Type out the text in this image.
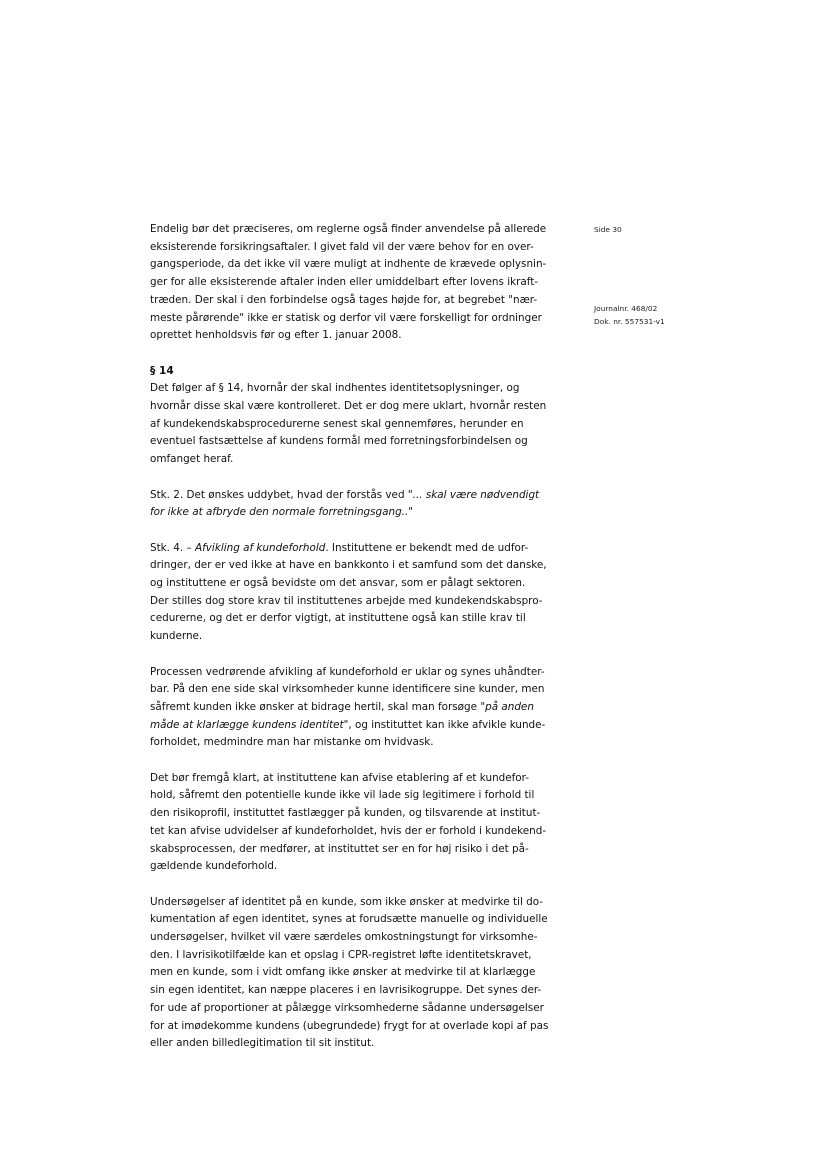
Side 30
Journalnr. 468/02
Dok. nr. 557531-v1

Endelig bør det præciseres, om reglerne også finder anvendelse på allerede
eksisterende forsikringsaftaler. I givet fald vil der være behov for en over-
gangsperiode, da det ikke vil være muligt at indhente de krævede oplysnin-
ger for alle eksisterende aftaler inden eller umiddelbart efter lovens ikraft-
træden. Der skal i den forbindelse også tages højde for, at begrebet "nær-
meste pårørende" ikke er statisk og derfor vil være forskelligt for ordninger
oprettet henholdsvis før og efter 1. januar 2008.

§ 14
Det følger af § 14, hvornår der skal indhentes identitetsoplysninger, og
hvornår disse skal være kontrolleret. Det er dog mere uklart, hvornår resten
af kundekendskabsprocedurerne senest skal gennemføres, herunder en
eventuel fastsættelse af kundens formål med forretningsforbindelsen og
omfanget heraf.

Stk. 2. Det ønskes uddybet, hvad der forstås ved "... skal være nødvendigt
for ikke at afbryde den normale forretningsgang.."

Stk. 4. – Afvikling af kundeforhold. Instituttene er bekendt med de udfor-
dringer, der er ved ikke at have en bankkonto i et samfund som det danske,
og instituttene er også bevidste om det ansvar, som er pålagt sektoren.
Der stilles dog store krav til instituttenes arbejde med kundekendskabspro-
cedurerne, og det er derfor vigtigt, at instituttene også kan stille krav til
kunderne.

Processen vedrørende afvikling af kundeforhold er uklar og synes uhåndter-
bar. På den ene side skal virksomheder kunne identificere sine kunder, men
såfremt kunden ikke ønsker at bidrage hertil, skal man forsøge "på anden
måde at klarlægge kundens identitet", og instituttet kan ikke afvikle kunde-
forholdet, medmindre man har mistanke om hvidvask.

Det bør fremgå klart, at instituttene kan afvise etablering af et kundefor-
hold, såfremt den potentielle kunde ikke vil lade sig legitimere i forhold til
den risikoprofil, instituttet fastlægger på kunden, og tilsvarende at institut-
tet kan afvise udvidelser af kundeforholdet, hvis der er forhold i kundekend-
skabsprocessen, der medfører, at instituttet ser en for høj risiko i det på-
gældende kundeforhold.

Undersøgelser af identitet på en kunde, som ikke ønsker at medvirke til do-
kumentation af egen identitet, synes at forudsætte manuelle og individuelle
undersøgelser, hvilket vil være særdeles omkostningstungt for virksomhe-
den. I lavrisikotilfælde kan et opslag i CPR-registret løfte identitetskravet,
men en kunde, som i vidt omfang ikke ønsker at medvirke til at klarlægge
sin egen identitet, kan næppe placeres i en lavrisikogruppe. Det synes der-
for ude af proportioner at pålægge virksomhederne sådanne undersøgelser
for at imødekomme kundens (ubegrundede) frygt for at overlade kopi af pas
eller anden billedlegitimation til sit institut.
